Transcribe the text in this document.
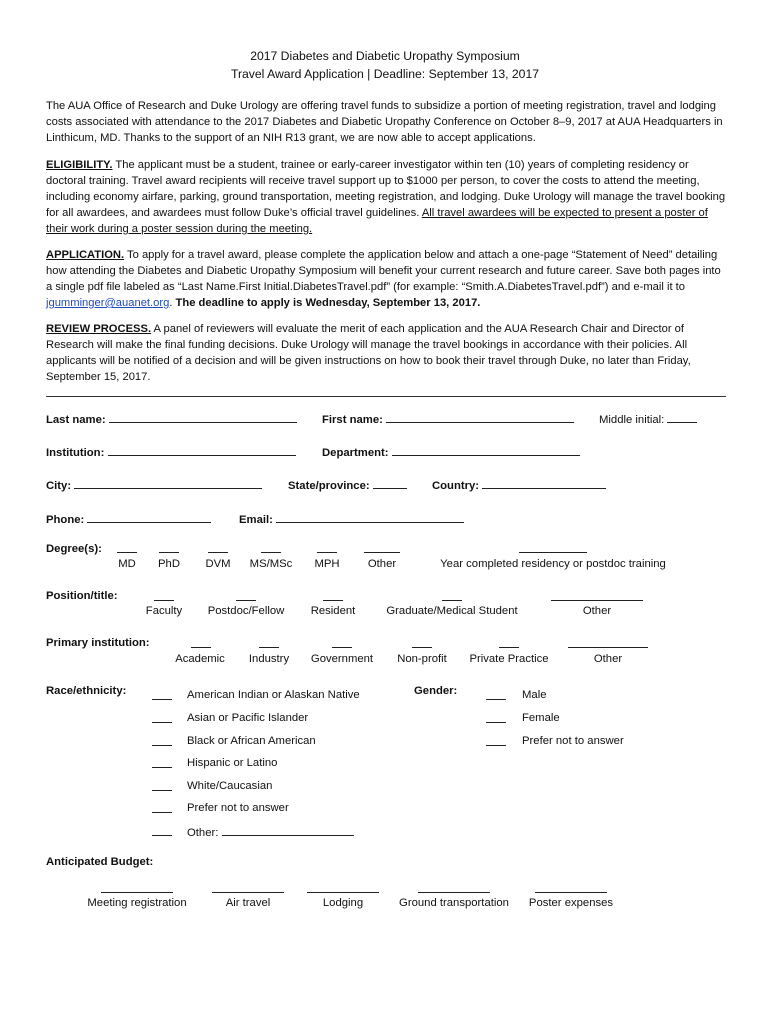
2017 Diabetes and Diabetic Uropathy Symposium
Travel Award Application | Deadline: September 13, 2017
The AUA Office of Research and Duke Urology are offering travel funds to subsidize a portion of meeting registration, travel and lodging costs associated with attendance to the 2017 Diabetes and Diabetic Uropathy Conference on October 8–9, 2017 at AUA Headquarters in Linthicum, MD. Thanks to the support of an NIH R13 grant, we are now able to accept applications.
ELIGIBILITY. The applicant must be a student, trainee or early-career investigator within ten (10) years of completing residency or doctoral training. Travel award recipients will receive travel support up to $1000 per person, to cover the costs to attend the meeting, including economy airfare, parking, ground transportation, meeting registration, and lodging. Duke Urology will manage the travel booking for all awardees, and awardees must follow Duke’s official travel guidelines. All travel awardees will be expected to present a poster of their work during a poster session during the meeting.
APPLICATION. To apply for a travel award, please complete the application below and attach a one-page “Statement of Need” detailing how attending the Diabetes and Diabetic Uropathy Symposium will benefit your current research and future career. Save both pages into a single pdf file labeled as “Last Name.First Initial.DiabetesTravel.pdf” (for example: “Smith.A.DiabetesTravel.pdf”) and e-mail it to jgumminger@auanet.org. The deadline to apply is Wednesday, September 13, 2017.
REVIEW PROCESS. A panel of reviewers will evaluate the merit of each application and the AUA Research Chair and Director of Research will make the final funding decisions. Duke Urology will manage the travel bookings in accordance with their policies. All applicants will be notified of a decision and will be given instructions on how to book their travel through Duke, no later than Friday, September 15, 2017.
Last name:	First name:	Middle initial:
Institution:	Department:
City:	State/province:	Country:
Phone:	Email:
Degree(s):
MD PhD DVM MS/MSc MPH	Other	Year completed residency or postdoc training
Position/title:
Faculty Postdoc/Fellow Resident	Graduate/Medical Student	Other
Primary institution:
Academic Industry Government Non-profit Private Practice	Other
Race/ethnicity:	American Indian or Alaskan Native
Asian or Pacific Islander
Black or African American
Hispanic or Latino
White/Caucasian
Prefer not to answer
Other:
Gender:	Male
Female
Prefer not to answer
Anticipated Budget:
Meeting registration	Air travel	Lodging	Ground transportation Poster expenses
